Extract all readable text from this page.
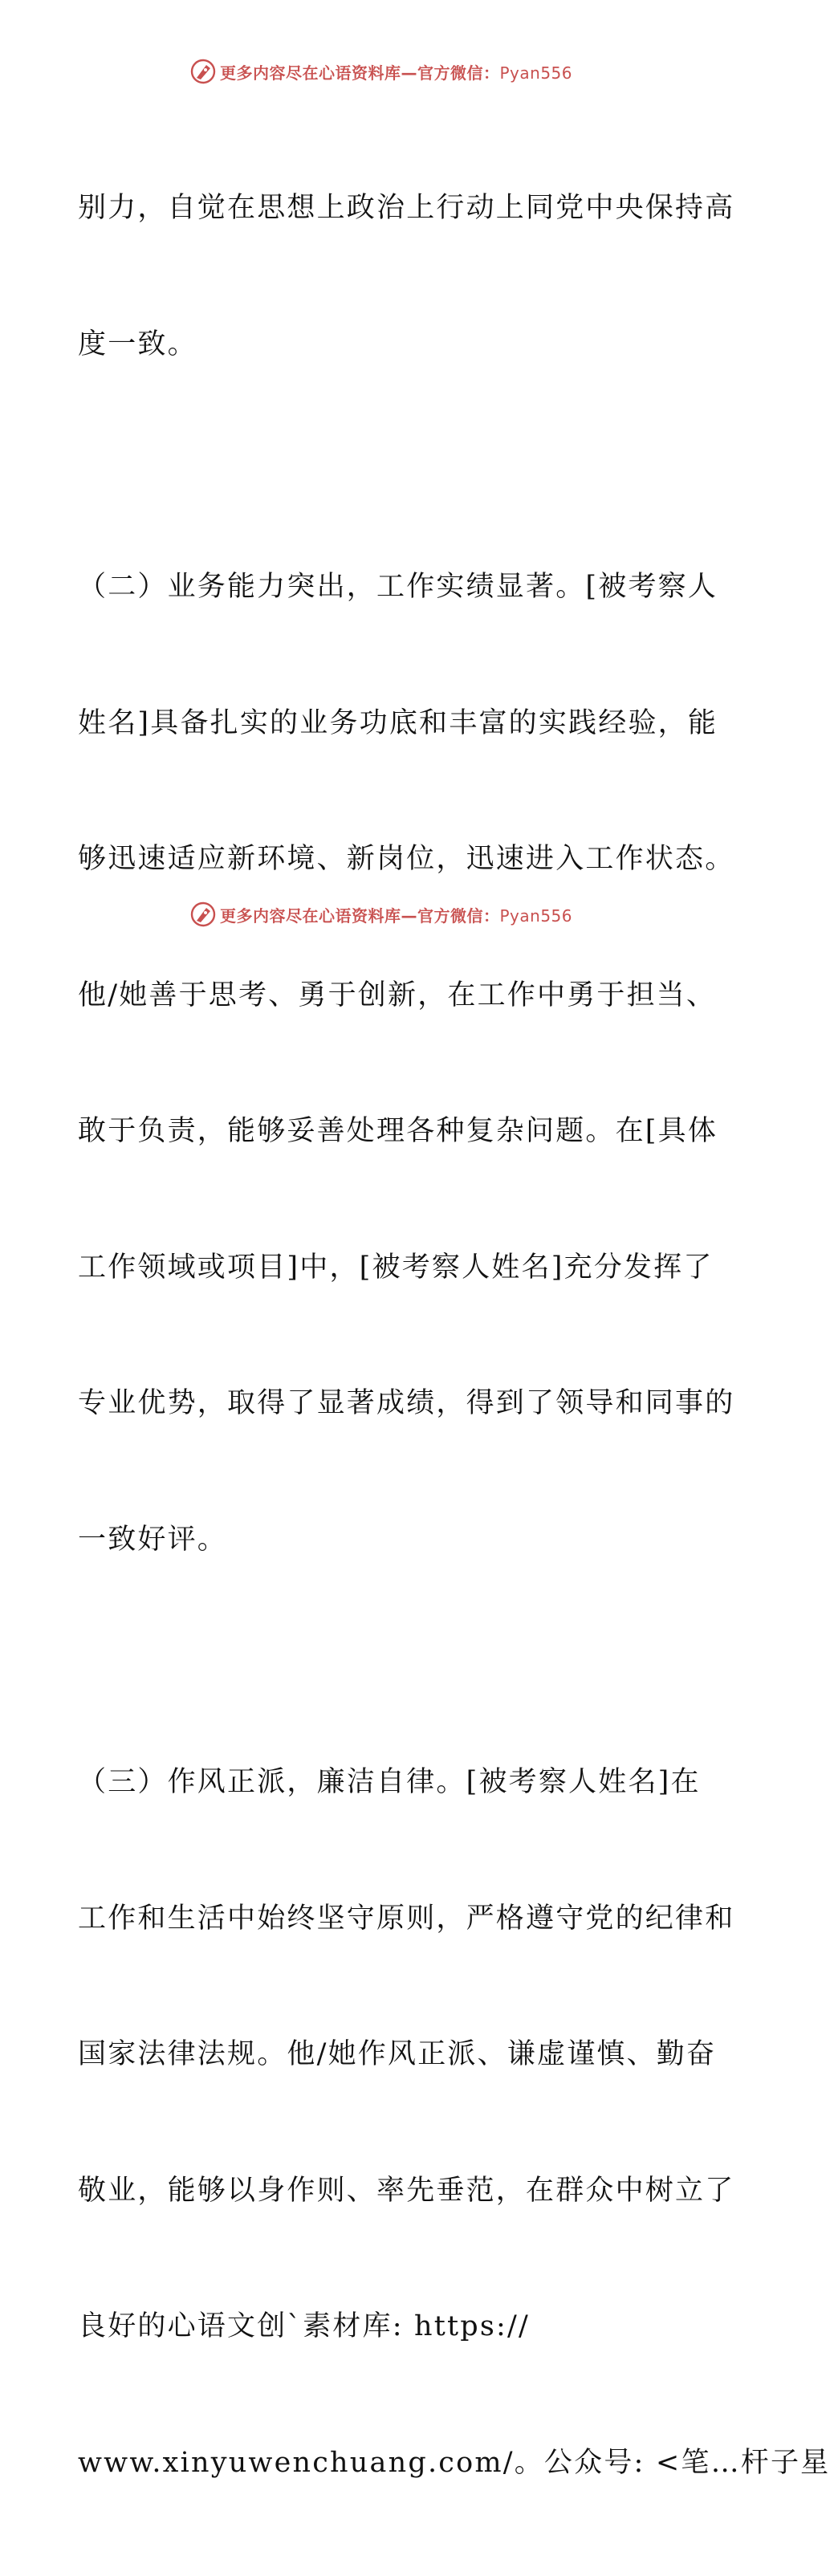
更多内容尽在心语资料库—官方微信：Pyan556

别力，自觉在思想上政治上行动上同党中央保持高

度一致。

（二）业务能力突出，工作实绩显著。[被考察人

姓名]具备扎实的业务功底和丰富的实践经验，能

够迅速适应新环境、新岗位，迅速进入工作状态。

他/她善于思考、勇于创新，在工作中勇于担当、

敢于负责，能够妥善处理各种复杂问题。在[具体

工作领域或项目]中，[被考察人姓名]充分发挥了

专业优势，取得了显著成绩，得到了领导和同事的

一致好评。

（三）作风正派，廉洁自律。[被考察人姓名]在

工作和生活中始终坚守原则，严格遵守党的纪律和

国家法律法规。他/她作风正派、谦虚谨慎、勤奋

敬业，能够以身作则、率先垂范，在群众中树立了

良好的心语文创`素材库: https://

www.xinyuwenchuang.com/。公众号: <笔…杆子星

更多内容尽在心语资料库—官方微信：Pyan556
